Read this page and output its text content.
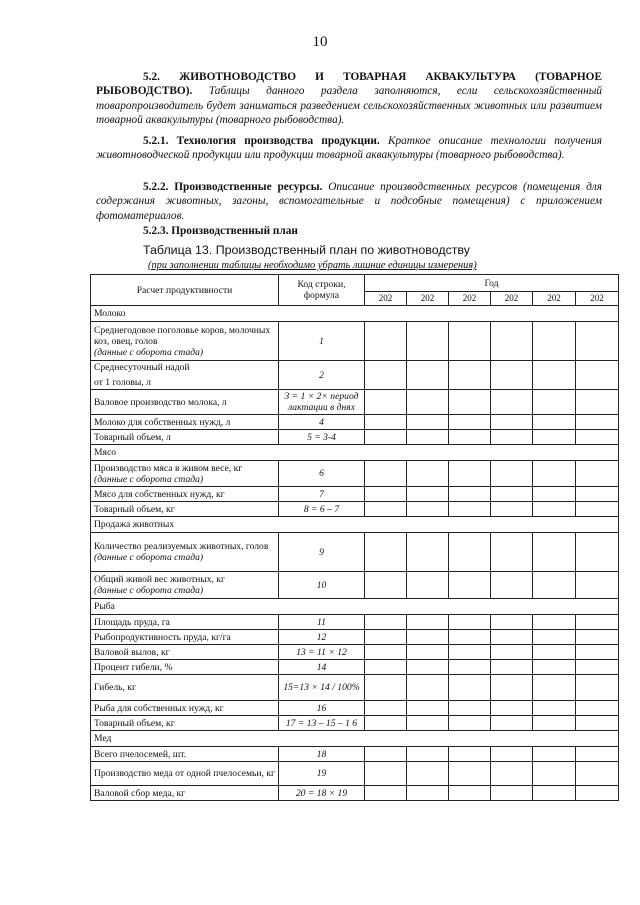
10
5.2. ЖИВОТНОВОДСТВО И ТОВАРНАЯ АКВАКУЛЬТУРА (ТОВАРНОЕ РЫБОВОДСТВО). Таблицы данного раздела заполняются, если сельскохозяйственный товаропроизводитель будет заниматься разведением сельскохозяйственных животных или развитием товарной аквакультуры (товарного рыбоводства).
5.2.1. Технология производства продукции. Краткое описание технологии получения животноводческой продукции или продукции товарной аквакультуры (товарного рыбоводства).
5.2.2. Производственные ресурсы. Описание производственных ресурсов (помещения для содержания животных, загоны, вспомогательные и подсобные помещения) с приложением фотоматериалов.
5.2.3. Производственный план
Таблица 13. Производственный план по животноводству
(при заполнении таблицы необходимо убрать лишние единицы измерения)
Расчет продуктивности	Код строки, формула	Год					
		202	202	202	202	202	202
Молоко							

Среднегодовое поголовье коров, молочных коз, овец, голов
(данные с оборота стада)	1						

Среднесуточный надой
от 1 головы, л	2						

Валовое производство молока, л	3 = 1 × 2× период лактации в днях						

Молоко для собственных нужд, л	4						

Товарный объем, л	5 = 3-4						
Мясо							

Производство мяса в живом весе, кг
(данные с оборота стада)	6						

Мясо для собственных нужд, кг	7						

Товарный объем, кг	8 = 6 – 7						
Продажа животных							

Количество реализуемых животных, голов
(данные с оборота стада)	9						

Общий живой вес животных, кг
(данные с оборота стада)	10						
Рыба							

Площадь пруда, га	11						

Рыбопродуктивность пруда, кг/га	12						

Валовой вылов, кг	13 = 11 × 12						

Процент гибели, %	14						

Гибель, кг	15=13 × 14 / 100%						

Рыба для собственных нужд, кг	16						

Товарный объем, кг	17 = 13 – 15 – 1 6						
Мед							

Всего пчелосемей, шт.	18						

Производство меда от одной пчелосемьи, кг	19						

Валовой сбор меда, кг	20 = 18 × 19						
